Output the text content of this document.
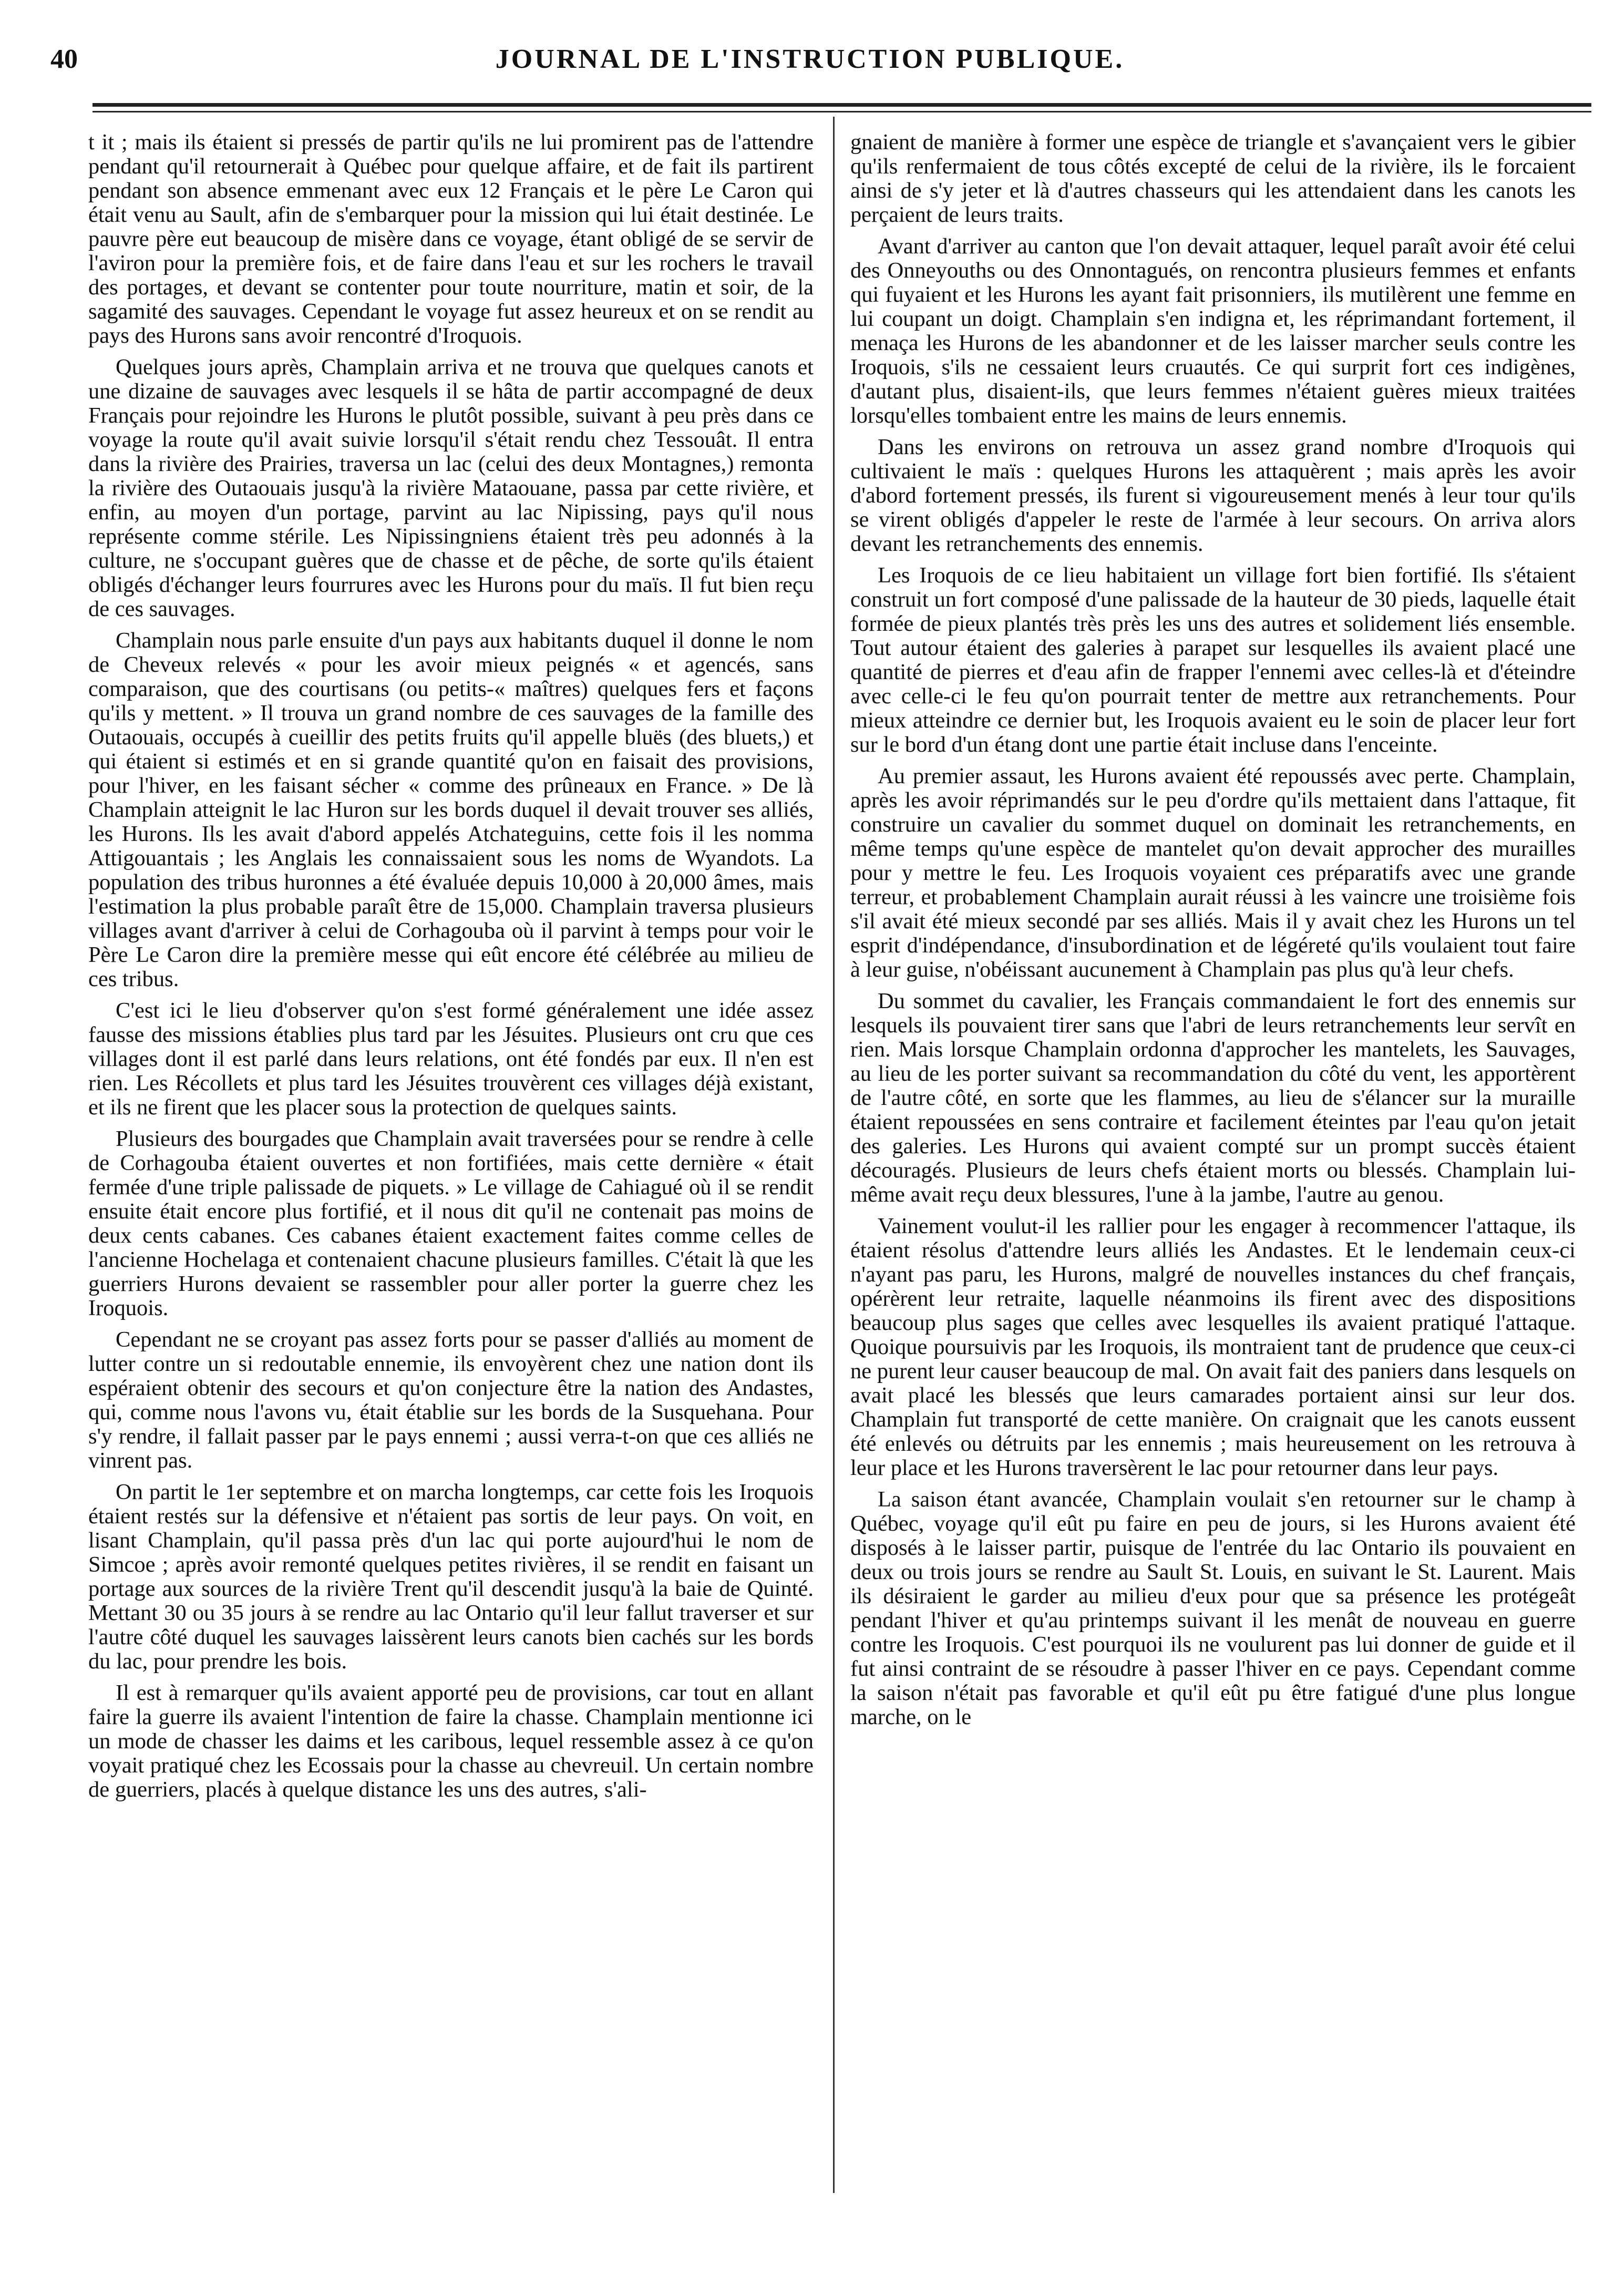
40	JOURNAL DE L'INSTRUCTION PUBLIQUE.

t it ; mais ils étaient si pressés de partir qu'ils ne lui promirent pas de l'attendre pendant qu'il retournerait à Québec pour quelque affaire, et de fait ils partirent pendant son absence emmenant avec eux 12 Français et le père Le Caron qui était venu au Sault, afin de s'embarquer pour la mission qui lui était destinée. Le pauvre père eut beaucoup de misère dans ce voyage, étant obligé de se servir de l'aviron pour la première fois, et de faire dans l'eau et sur les rochers le travail des portages, et devant se contenter pour toute nourriture, matin et soir, de la sagamité des sauvages. Cependant le voyage fut assez heureux et on se rendit au pays des Hurons sans avoir rencontré d'Iroquois.

Quelques jours après, Champlain arriva et ne trouva que quelques canots et une dizaine de sauvages avec lesquels il se hâta de partir accompagné de deux Français pour rejoindre les Hurons le plutôt possible, suivant à peu près dans ce voyage la route qu'il avait suivie lorsqu'il s'était rendu chez Tessouât. Il entra dans la rivière des Prairies, traversa un lac (celui des deux Montagnes,) remonta la rivière des Outaouais jusqu'à la rivière Mataouane, passa par cette rivière, et enfin, au moyen d'un portage, parvint au lac Nipissing, pays qu'il nous représente comme stérile. Les Nipissingniens étaient très peu adonnés à la culture, ne s'occupant guères que de chasse et de pêche, de sorte qu'ils étaient obligés d'échanger leurs fourrures avec les Hurons pour du maïs. Il fut bien reçu de ces sauvages.

Champlain nous parle ensuite d'un pays aux habitants duquel il donne le nom de Cheveux relevés « pour les avoir mieux peignés « et agencés, sans comparaison, que des courtisans (ou petits-« maîtres) quelques fers et façons qu'ils y mettent. » Il trouva un grand nombre de ces sauvages de la famille des Outaouais, occupés à cueillir des petits fruits qu'il appelle bluës (des bluets,) et qui étaient si estimés et en si grande quantité qu'on en faisait des provisions, pour l'hiver, en les faisant sécher « comme des prûneaux en France. » De là Champlain atteignit le lac Huron sur les bords duquel il devait trouver ses alliés, les Hurons. Ils les avait d'abord appelés Atchateguins, cette fois il les nomma Attigouantais ; les Anglais les connaissaient sous les noms de Wyandots. La population des tribus huronnes a été évaluée depuis 10,000 à 20,000 âmes, mais l'estimation la plus probable paraît être de 15,000. Champlain traversa plusieurs villages avant d'arriver à celui de Corhagouba où il parvint à temps pour voir le Père Le Caron dire la première messe qui eût encore été célébrée au milieu de ces tribus.

C'est ici le lieu d'observer qu'on s'est formé généralement une idée assez fausse des missions établies plus tard par les Jésuites. Plusieurs ont cru que ces villages dont il est parlé dans leurs relations, ont été fondés par eux. Il n'en est rien. Les Récollets et plus tard les Jésuites trouvèrent ces villages déjà existant, et ils ne firent que les placer sous la protection de quelques saints.

Plusieurs des bourgades que Champlain avait traversées pour se rendre à celle de Corhagouba étaient ouvertes et non fortifiées, mais cette dernière « était fermée d'une triple palissade de piquets. » Le village de Cahiagué où il se rendit ensuite était encore plus fortifié, et il nous dit qu'il ne contenait pas moins de deux cents cabanes. Ces cabanes étaient exactement faites comme celles de l'ancienne Hochelaga et contenaient chacune plusieurs familles. C'était là que les guerriers Hurons devaient se rassembler pour aller porter la guerre chez les Iroquois.

Cependant ne se croyant pas assez forts pour se passer d'alliés au moment de lutter contre un si redoutable ennemie, ils envoyèrent chez une nation dont ils espéraient obtenir des secours et qu'on conjecture être la nation des Andastes, qui, comme nous l'avons vu, était établie sur les bords de la Susquehana. Pour s'y rendre, il fallait passer par le pays ennemi ; aussi verra-t-on que ces alliés ne vinrent pas.

On partit le 1er septembre et on marcha longtemps, car cette fois les Iroquois étaient restés sur la défensive et n'étaient pas sortis de leur pays. On voit, en lisant Champlain, qu'il passa près d'un lac qui porte aujourd'hui le nom de Simcoe ; après avoir remonté quelques petites rivières, il se rendit en faisant un portage aux sources de la rivière Trent qu'il descendit jusqu'à la baie de Quinté. Mettant 30 ou 35 jours à se rendre au lac Ontario qu'il leur fallut traverser et sur l'autre côté duquel les sauvages laissèrent leurs canots bien cachés sur les bords du lac, pour prendre les bois.

Il est à remarquer qu'ils avaient apporté peu de provisions, car tout en allant faire la guerre ils avaient l'intention de faire la chasse. Champlain mentionne ici un mode de chasser les daims et les caribous, lequel ressemble assez à ce qu'on voyait pratiqué chez les Ecossais pour la chasse au chevreuil. Un certain nombre de guerriers, placés à quelque distance les uns des autres, s'ali-

gnaient de manière à former une espèce de triangle et s'avançaient vers le gibier qu'ils renfermaient de tous côtés excepté de celui de la rivière, ils le forcaient ainsi de s'y jeter et là d'autres chasseurs qui les attendaient dans les canots les perçaient de leurs traits.

Avant d'arriver au canton que l'on devait attaquer, lequel paraît avoir été celui des Onneyouths ou des Onnontagués, on rencontra plusieurs femmes et enfants qui fuyaient et les Hurons les ayant fait prisonniers, ils mutilèrent une femme en lui coupant un doigt. Champlain s'en indigna et, les réprimandant fortement, il menaça les Hurons de les abandonner et de les laisser marcher seuls contre les Iroquois, s'ils ne cessaient leurs cruautés. Ce qui surprit fort ces indigènes, d'autant plus, disaient-ils, que leurs femmes n'étaient guères mieux traitées lorsqu'elles tombaient entre les mains de leurs ennemis.

Dans les environs on retrouva un assez grand nombre d'Iroquois qui cultivaient le maïs : quelques Hurons les attaquèrent ; mais après les avoir d'abord fortement pressés, ils furent si vigoureusement menés à leur tour qu'ils se virent obligés d'appeler le reste de l'armée à leur secours. On arriva alors devant les retranchements des ennemis.

Les Iroquois de ce lieu habitaient un village fort bien fortifié. Ils s'étaient construit un fort composé d'une palissade de la hauteur de 30 pieds, laquelle était formée de pieux plantés très près les uns des autres et solidement liés ensemble. Tout autour étaient des galeries à parapet sur lesquelles ils avaient placé une quantité de pierres et d'eau afin de frapper l'ennemi avec celles-là et d'éteindre avec celle-ci le feu qu'on pourrait tenter de mettre aux retranchements. Pour mieux atteindre ce dernier but, les Iroquois avaient eu le soin de placer leur fort sur le bord d'un étang dont une partie était incluse dans l'enceinte.

Au premier assaut, les Hurons avaient été repoussés avec perte. Champlain, après les avoir réprimandés sur le peu d'ordre qu'ils mettaient dans l'attaque, fit construire un cavalier du sommet duquel on dominait les retranchements, en même temps qu'une espèce de mantelet qu'on devait approcher des murailles pour y mettre le feu. Les Iroquois voyaient ces préparatifs avec une grande terreur, et probablement Champlain aurait réussi à les vaincre une troisième fois s'il avait été mieux secondé par ses alliés. Mais il y avait chez les Hurons un tel esprit d'indépendance, d'insubordination et de légéreté qu'ils voulaient tout faire à leur guise, n'obéissant aucunement à Champlain pas plus qu'à leur chefs.

Du sommet du cavalier, les Français commandaient le fort des ennemis sur lesquels ils pouvaient tirer sans que l'abri de leurs retranchements leur servît en rien. Mais lorsque Champlain ordonna d'approcher les mantelets, les Sauvages, au lieu de les porter suivant sa recommandation du côté du vent, les apportèrent de l'autre côté, en sorte que les flammes, au lieu de s'élancer sur la muraille étaient repoussées en sens contraire et facilement éteintes par l'eau qu'on jetait des galeries. Les Hurons qui avaient compté sur un prompt succès étaient découragés. Plusieurs de leurs chefs étaient morts ou blessés. Champlain lui-même avait reçu deux blessures, l'une à la jambe, l'autre au genou.

Vainement voulut-il les rallier pour les engager à recommencer l'attaque, ils étaient résolus d'attendre leurs alliés les Andastes. Et le lendemain ceux-ci n'ayant pas paru, les Hurons, malgré de nouvelles instances du chef français, opérèrent leur retraite, laquelle néanmoins ils firent avec des dispositions beaucoup plus sages que celles avec lesquelles ils avaient pratiqué l'attaque. Quoique poursuivis par les Iroquois, ils montraient tant de prudence que ceux-ci ne purent leur causer beaucoup de mal. On avait fait des paniers dans lesquels on avait placé les blessés que leurs camarades portaient ainsi sur leur dos. Champlain fut transporté de cette manière. On craignait que les canots eussent été enlevés ou détruits par les ennemis ; mais heureusement on les retrouva à leur place et les Hurons traversèrent le lac pour retourner dans leur pays.

La saison étant avancée, Champlain voulait s'en retourner sur le champ à Québec, voyage qu'il eût pu faire en peu de jours, si les Hurons avaient été disposés à le laisser partir, puisque de l'entrée du lac Ontario ils pouvaient en deux ou trois jours se rendre au Sault St. Louis, en suivant le St. Laurent. Mais ils désiraient le garder au milieu d'eux pour que sa présence les protégeât pendant l'hiver et qu'au printemps suivant il les menât de nouveau en guerre contre les Iroquois. C'est pourquoi ils ne voulurent pas lui donner de guide et il fut ainsi contraint de se résoudre à passer l'hiver en ce pays. Cependant comme la saison n'était pas favorable et qu'il eût pu être fatigué d'une plus longue marche, on le
